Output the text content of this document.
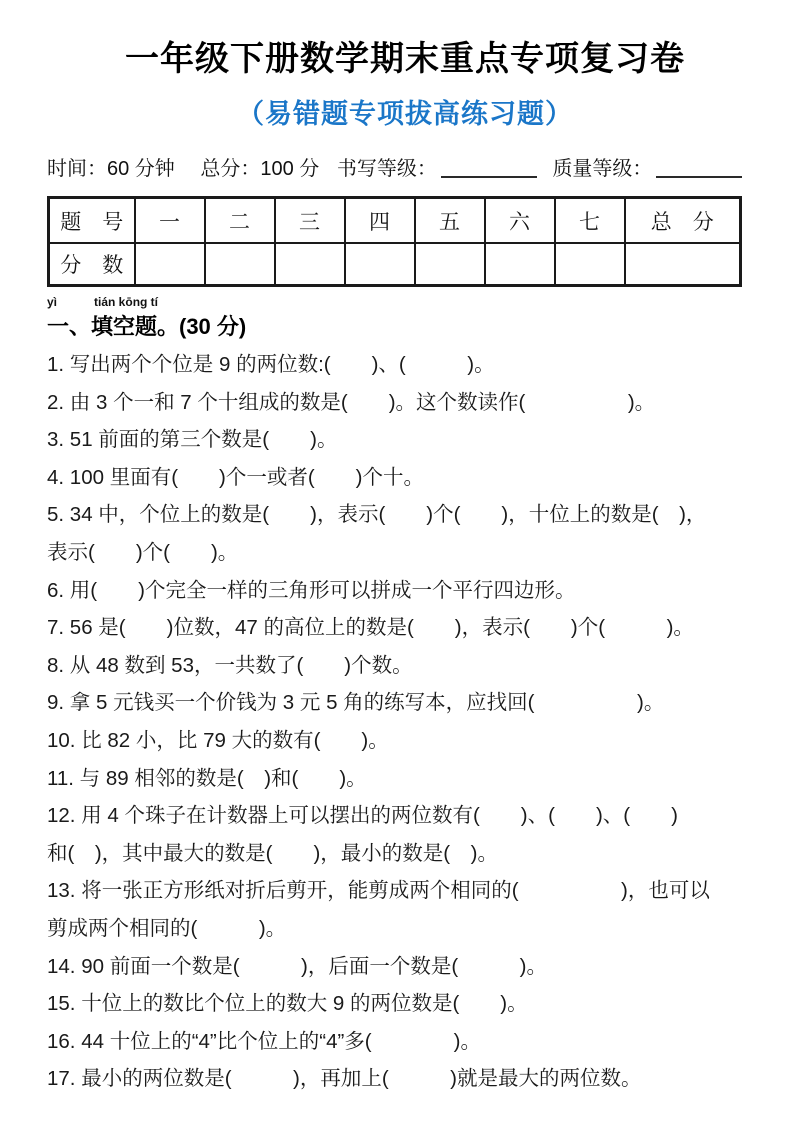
一年级下册数学期末重点专项复习卷
（易错题专项拔高练习题）
时间：60 分钟 总分：100 分 书写等级：	质量等级：
题　号	一	二	三	四	五	六	七	总　分
分　数								
yì	tián kōng tí
一、填空题。(30 分)
1. 写出两个个位是 9 的两位数:(　　)、(　　　)。
2. 由 3 个一和 7 个十组成的数是(　　)。这个数读作(　　　　　)。
3. 51 前面的第三个数是(　　)。
4. 100 里面有(　　)个一或者(　　)个十。
5. 34 中，个位上的数是(　　)，表示(　　)个(　　)，十位上的数是(　)，
表示(　　)个(　　)。
6. 用(　　)个完全一样的三角形可以拼成一个平行四边形。
7. 56 是(　　)位数，47 的高位上的数是(　　)，表示(　　)个(　　　)。
8. 从 48 数到 53，一共数了(　　)个数。
9. 拿 5 元钱买一个价钱为 3 元 5 角的练写本，应找回(　　　　　)。
10. 比 82 小，比 79 大的数有(　　)。
11. 与 89 相邻的数是(　)和(　　)。
12. 用 4 个珠子在计数器上可以摆出的两位数有(　　)、(　　)、(　　)
和(　)，其中最大的数是(　　)，最小的数是(　)。
13. 将一张正方形纸对折后剪开，能剪成两个相同的(　　　　　)，也可以
剪成两个相同的(　　　)。
14. 90 前面一个数是(　　　)，后面一个数是(　　　)。
15. 十位上的数比个位上的数大 9 的两位数是(　　)。
16. 44 十位上的“4”比个位上的“4”多(　　　　)。
17. 最小的两位数是(　　　)，再加上(　　　)就是最大的两位数。
